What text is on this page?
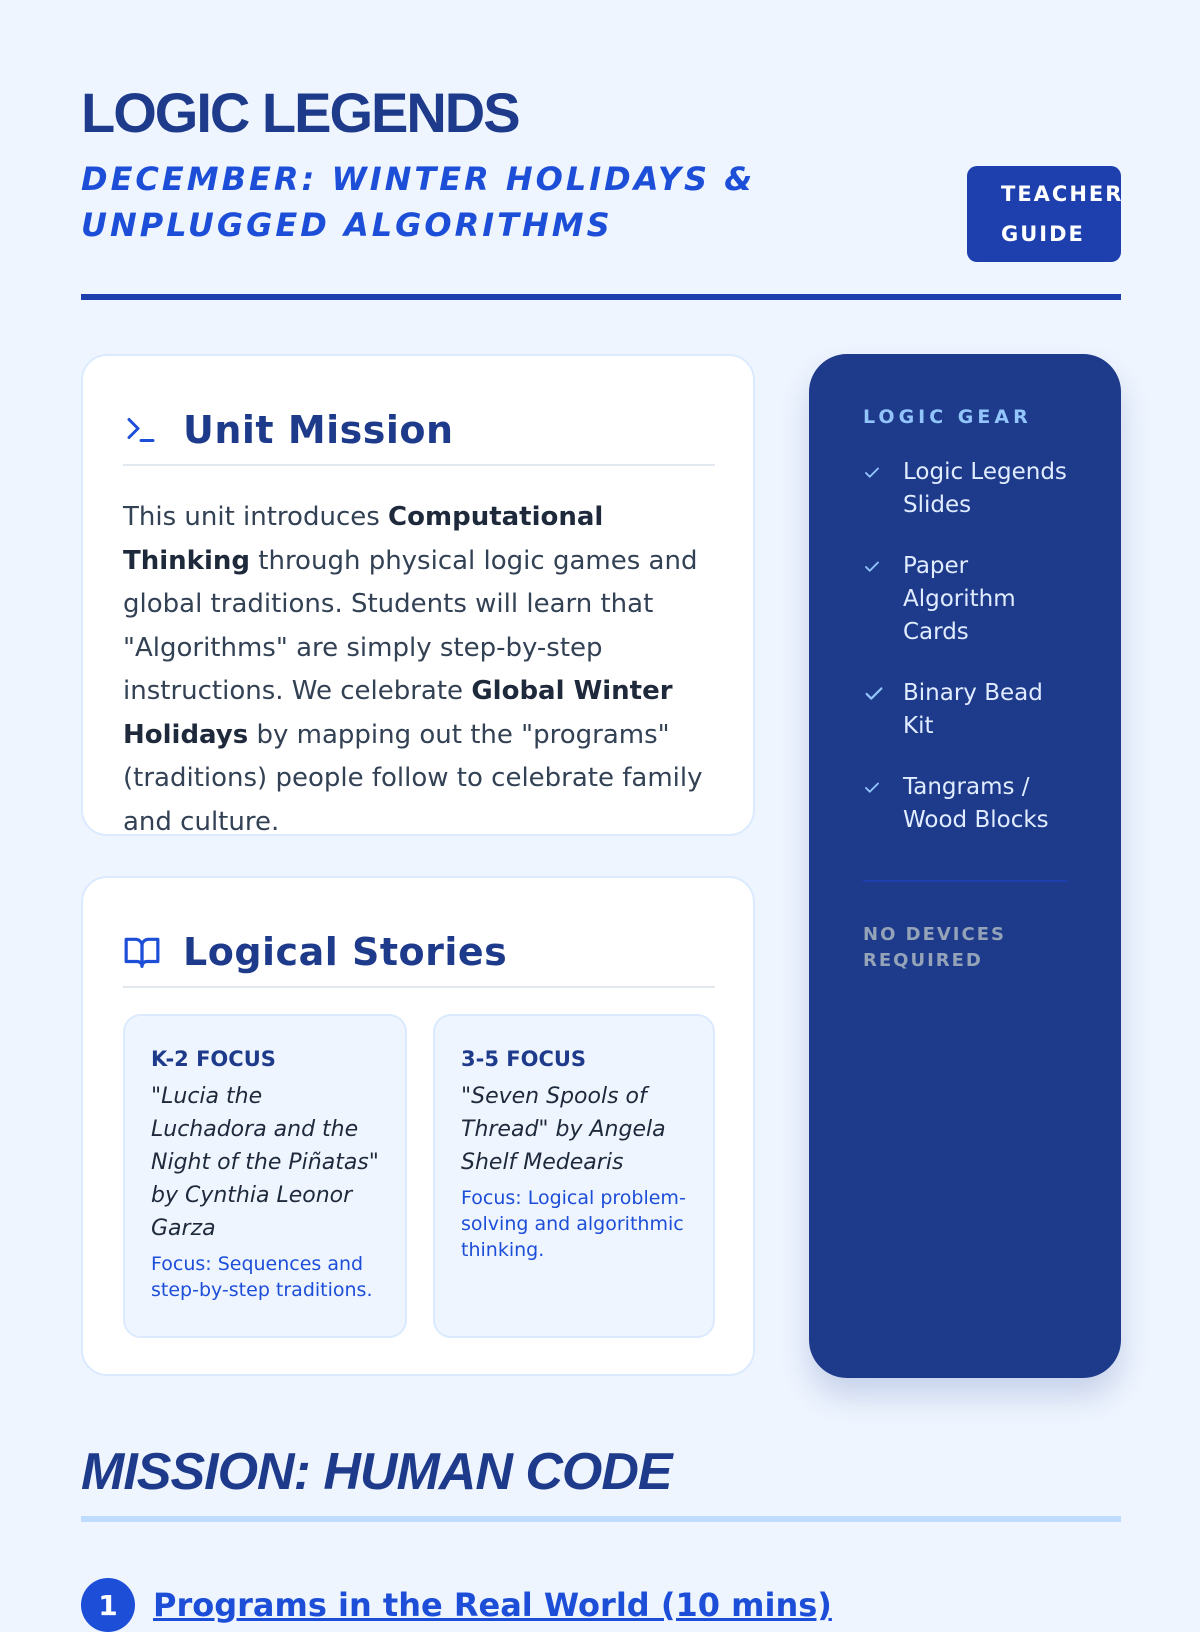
LOGIC LEGENDS
DECEMBER: WINTER HOLIDAYS & UNPLUGGED ALGORITHMS
TEACHER GUIDE
Unit Mission

This unit introduces Computational Thinking through physical logic games and global traditions. Students will learn that "Algorithms" are simply step-by-step instructions. We celebrate Global Winter Holidays by mapping out the "programs" (traditions) people follow to celebrate family and culture.

Logical Stories
K-2 FOCUS
"Lucia the Luchadora and the Night of the Piñatas" by Cynthia Leonor Garza
Focus: Sequences and step-by-step traditions.
3-5 FOCUS
"Seven Spools of Thread" by Angela Shelf Medearis
Focus: Logical problem-solving and algorithmic thinking.
LOGIC GEAR
Logic Legends Slides
Paper Algorithm Cards
Binary Bead Kit
Tangrams / Wood Blocks
NO DEVICES REQUIRED
MISSION: HUMAN CODE
1	Programs in the Real World (10 mins)
